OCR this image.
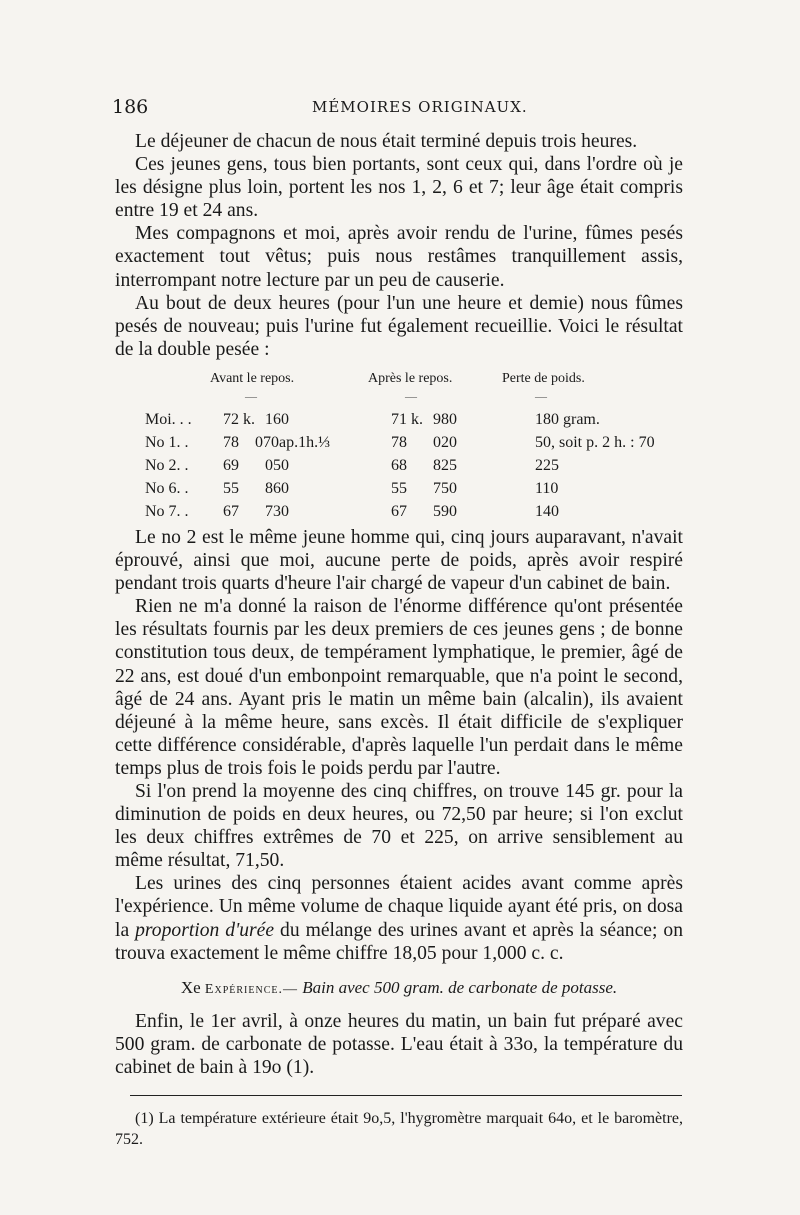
186	MÉMOIRES ORIGINAUX.

Le déjeuner de chacun de nous était terminé depuis trois heures.

Ces jeunes gens, tous bien portants, sont ceux qui, dans l'ordre où je les désigne plus loin, portent les nos 1, 2, 6 et 7; leur âge était compris entre 19 et 24 ans.

Mes compagnons et moi, après avoir rendu de l'urine, fûmes pesés exactement tout vêtus; puis nous restâmes tranquillement assis, interrompant notre lecture par un peu de causerie.

Au bout de deux heures (pour l'un une heure et demie) nous fûmes pesés de nouveau; puis l'urine fut également recueillie. Voici le résultat de la double pesée :

Avant le repos.	Après le repos.	Perte de poids.
—	—	—
Moi. . . 72 k. 160	71 k. 980	180 gram.
No 1. . 78 070ap.1h.⅓	78 020	50, soit p. 2 h. : 70
No 2. . 69 050	68 825	225
No 6. . 55 860	55 750	110
No 7. . 67 730	67 590	140

Le no 2 est le même jeune homme qui, cinq jours auparavant, n'avait éprouvé, ainsi que moi, aucune perte de poids, après avoir respiré pendant trois quarts d'heure l'air chargé de vapeur d'un cabinet de bain.

Rien ne m'a donné la raison de l'énorme différence qu'ont présentée les résultats fournis par les deux premiers de ces jeunes gens ; de bonne constitution tous deux, de tempérament lymphatique, le premier, âgé de 22 ans, est doué d'un embonpoint remarquable, que n'a point le second, âgé de 24 ans. Ayant pris le matin un même bain (alcalin), ils avaient déjeuné à la même heure, sans excès. Il était difficile de s'expliquer cette différence considérable, d'après laquelle l'un perdait dans le même temps plus de trois fois le poids perdu par l'autre.

Si l'on prend la moyenne des cinq chiffres, on trouve 145 gr. pour la diminution de poids en deux heures, ou 72,50 par heure; si l'on exclut les deux chiffres extrêmes de 70 et 225, on arrive sensiblement au même résultat, 71,50.

Les urines des cinq personnes étaient acides avant comme après l'expérience. Un même volume de chaque liquide ayant été pris, on dosa la proportion d'urée du mélange des urines avant et après la séance; on trouva exactement le même chiffre 18,05 pour 1,000 c. c.

Xe Expérience.— Bain avec 500 gram. de carbonate de potasse.

Enfin, le 1er avril, à onze heures du matin, un bain fut préparé avec 500 gram. de carbonate de potasse. L'eau était à 33o, la température du cabinet de bain à 19o (1).

(1) La température extérieure était 9o,5, l'hygromètre marquait 64o, et le baromètre, 752.
